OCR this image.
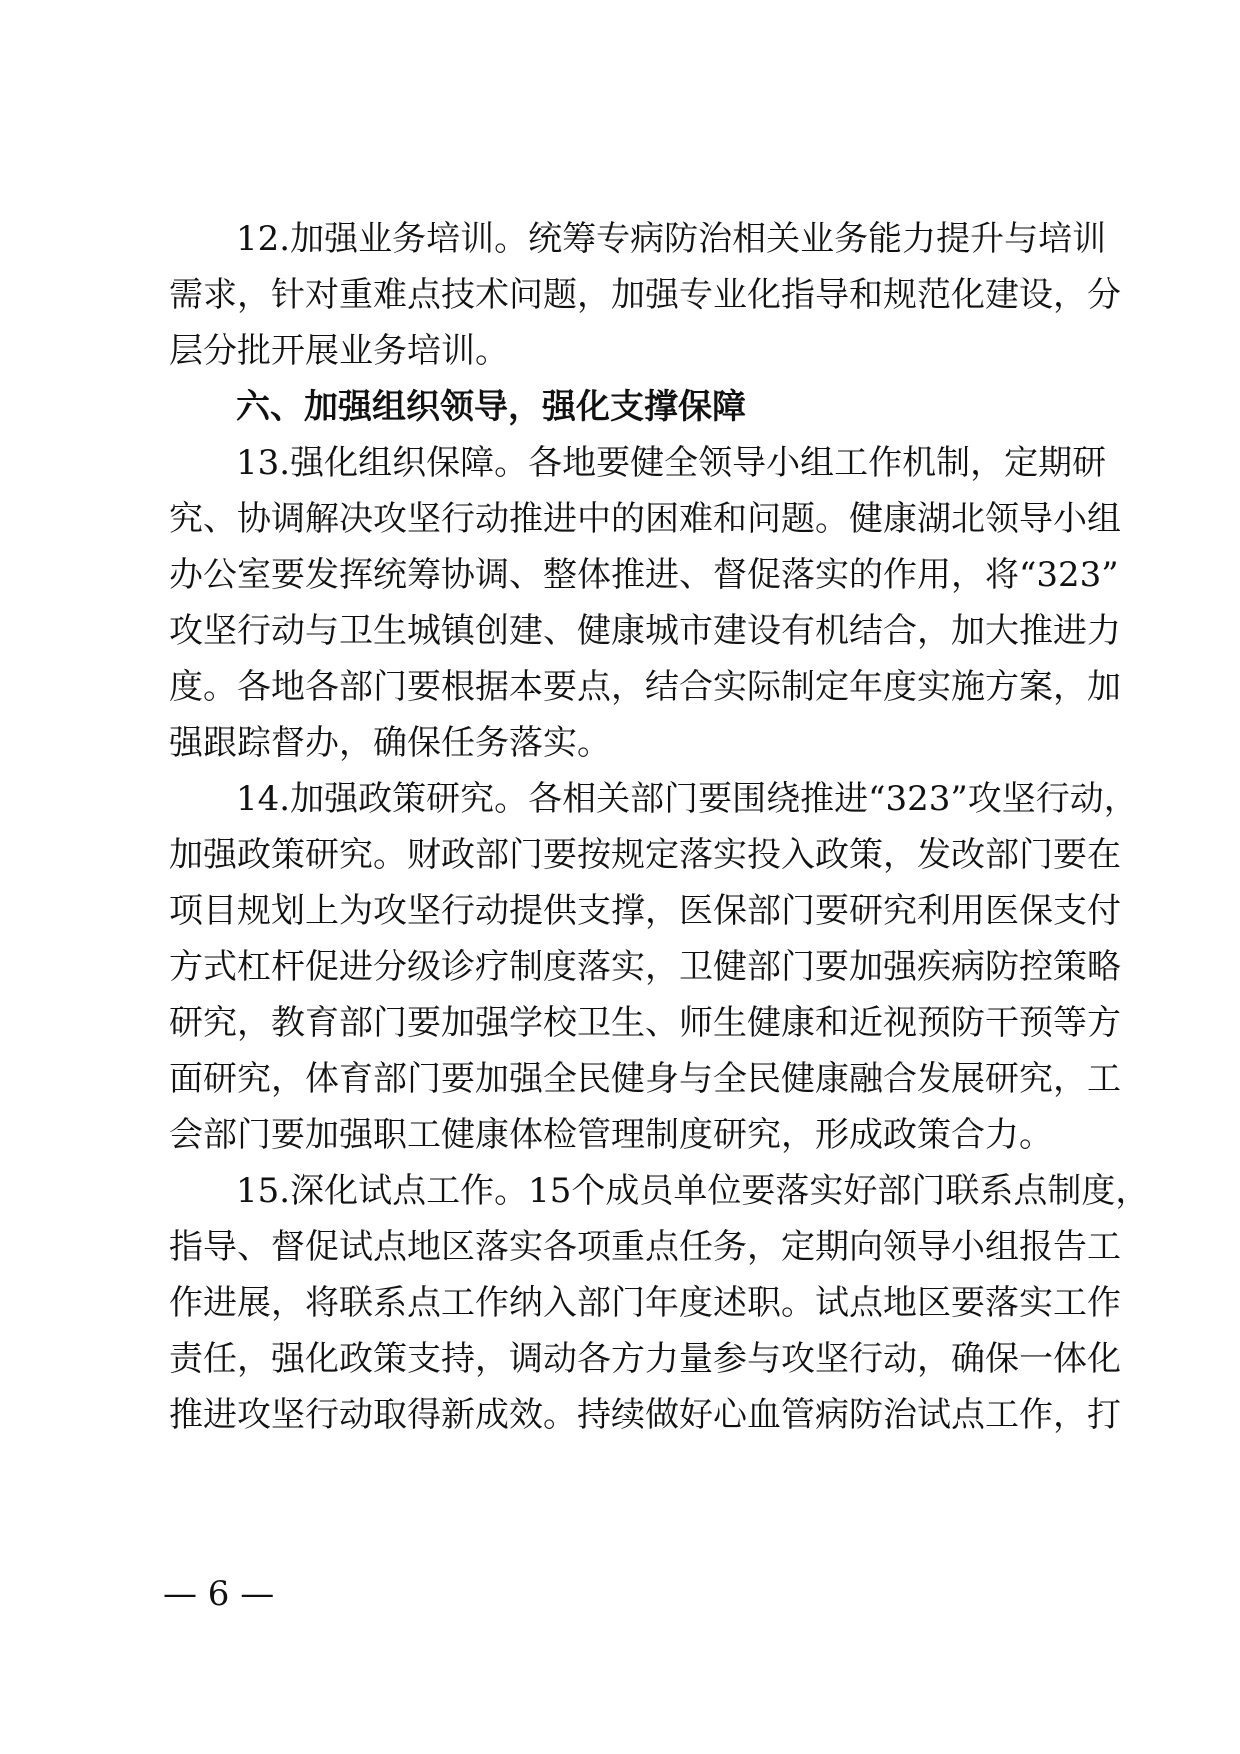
12.加强业务培训。统筹专病防治相关业务能力提升与培训
需求，针对重难点技术问题，加强专业化指导和规范化建设，分
层分批开展业务培训。
六、加强组织领导，强化支撑保障
13.强化组织保障。各地要健全领导小组工作机制，定期研
究、协调解决攻坚行动推进中的困难和问题。健康湖北领导小组
办公室要发挥统筹协调、整体推进、督促落实的作用，将“323”
攻坚行动与卫生城镇创建、健康城市建设有机结合，加大推进力
度。各地各部门要根据本要点，结合实际制定年度实施方案，加
强跟踪督办，确保任务落实。
14.加强政策研究。各相关部门要围绕推进“323”攻坚行动，
加强政策研究。财政部门要按规定落实投入政策，发改部门要在
项目规划上为攻坚行动提供支撑，医保部门要研究利用医保支付
方式杠杆促进分级诊疗制度落实，卫健部门要加强疾病防控策略
研究，教育部门要加强学校卫生、师生健康和近视预防干预等方
面研究，体育部门要加强全民健身与全民健康融合发展研究，工
会部门要加强职工健康体检管理制度研究，形成政策合力。
15.深化试点工作。15个成员单位要落实好部门联系点制度，
指导、督促试点地区落实各项重点任务，定期向领导小组报告工
作进展，将联系点工作纳入部门年度述职。试点地区要落实工作
责任，强化政策支持，调动各方力量参与攻坚行动，确保一体化
推进攻坚行动取得新成效。持续做好心血管病防治试点工作，打
— 6 —
